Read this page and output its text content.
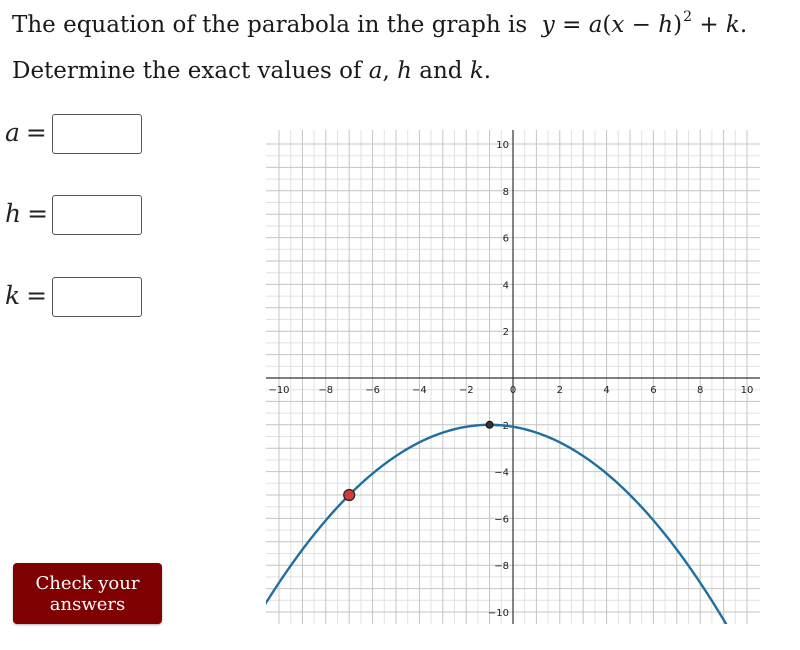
The equation of the parabola in the graph is $y = a(x - h)^2 + k$.
Determine the exact values of a, h and k.
a =
h =
k =
Check your answers
−10	−8	−6	−4	−2	0	2	4	6	8	10
2
4
6
8
10
−2
−4
−6
−8
−10
